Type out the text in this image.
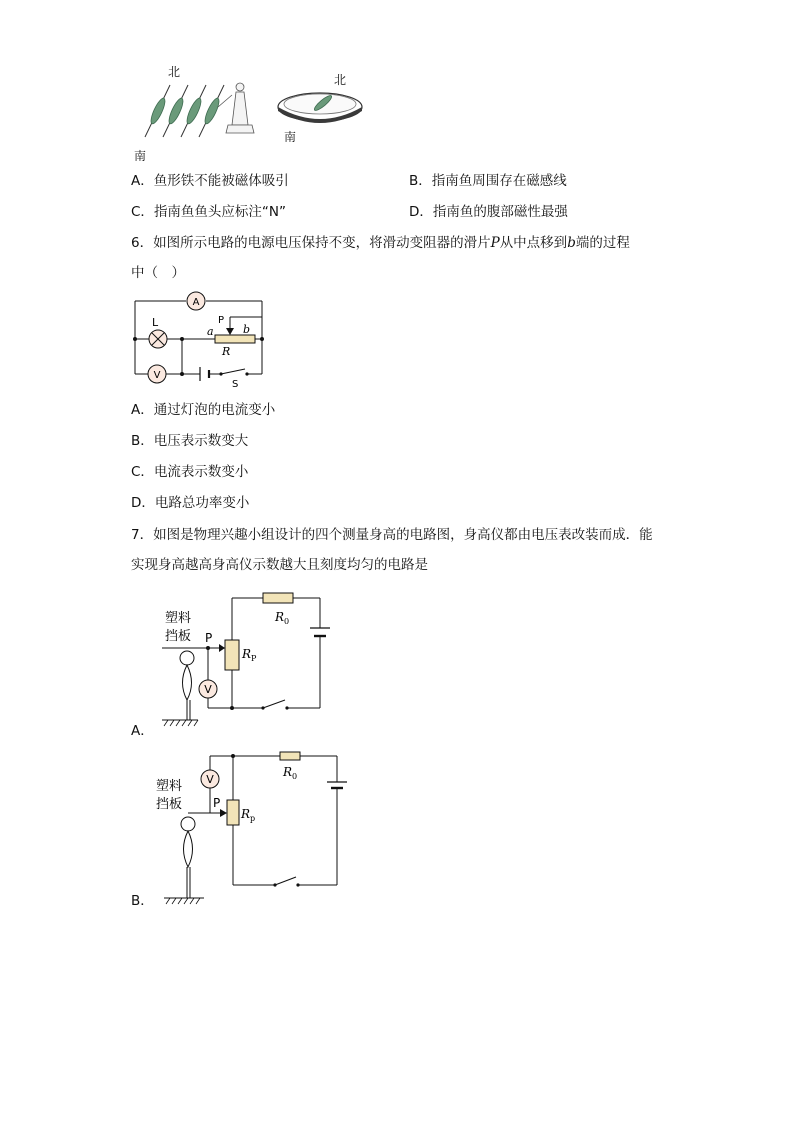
北
南
北
南
A．鱼形铁不能被磁体吸引	B．指南鱼周围存在磁感线
C．指南鱼鱼头应标注“N”	D．指南鱼的腹部磁性最强
6．如图所示电路的电源电压保持不变，将滑动变阻器的滑片P从中点移到b端的过程
中（　）
A
V
L
a
P
b
R
S
A．通过灯泡的电流变小
B．电压表示数变大
C．电流表示数变小
D．电路总功率变小
7．如图是物理兴趣小组设计的四个测量身高的电路图，身高仪都由电压表改装而成．能
实现身高越高身高仪示数越大且刻度均匀的电路是
V
塑料
挡板 P
$R_0$
$R_P$
A．
V
塑料
挡板	P
$R_0$
$R_p$
B．
